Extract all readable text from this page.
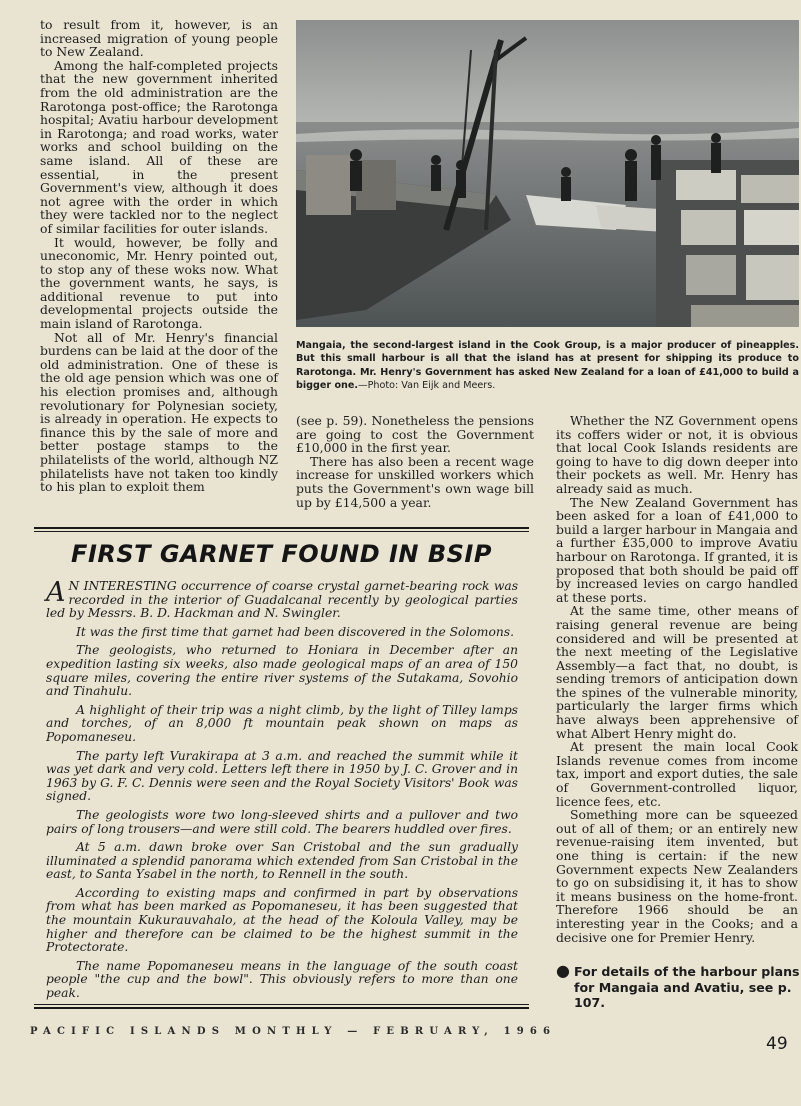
to result from it, however, is an increased migration of young people to New Zealand.

Among the half-completed projects that the new government inherited from the old administration are the Rarotonga post-office; the Rarotonga hospital; Avatiu harbour development in Rarotonga; and road works, water works and school building on the same island. All of these are essential, in the present Government's view, although it does not agree with the order in which they were tackled nor to the neglect of similar facilities for outer islands.

It would, however, be folly and uneconomic, Mr. Henry pointed out, to stop any of these woks now. What the government wants, he says, is additional revenue to put into developmental projects outside the main island of Rarotonga.

Not all of Mr. Henry's financial burdens can be laid at the door of the old administration. One of these is the old age pension which was one of his election promises and, although revolutionary for Polynesian society, is already in operation. He expects to finance this by the sale of more and better postage stamps to the philatelists of the world, although NZ philatelists have not taken too kindly to his plan to exploit them

Mangaia, the second-largest island in the Cook Group, is a major producer of pineapples. But this small harbour is all that the island has at present for shipping its produce to Rarotonga. Mr. Henry's Government has asked New Zealand for a loan of £41,000 to build a bigger one.—Photo: Van Eijk and Meers.

(see p. 59). Nonetheless the pensions are going to cost the Government £10,000 in the first year.

There has also been a recent wage increase for unskilled workers which puts the Government's own wage bill up by £14,500 a year.

Whether the NZ Government opens its coffers wider or not, it is obvious that local Cook Islands residents are going to have to dig down deeper into their pockets as well. Mr. Henry has already said as much.

The New Zealand Government has been asked for a loan of £41,000 to build a larger harbour in Mangaia and a further £35,000 to improve Avatiu harbour on Rarotonga. If granted, it is proposed that both should be paid off by increased levies on cargo handled at these ports.

At the same time, other means of raising general revenue are being considered and will be presented at the next meeting of the Legislative Assembly—a fact that, no doubt, is sending tremors of anticipation down the spines of the vulnerable minority, particularly the larger firms which have always been apprehensive of what Albert Henry might do.

At present the main local Cook Islands revenue comes from income tax, import and export duties, the sale of Government-controlled liquor, licence fees, etc.

Something more can be squeezed out of all of them; or an entirely new revenue-raising item invented, but one thing is certain: if the new Government expects New Zealanders to go on subsidising it, it has to show it means business on the home-front. Therefore 1966 should be an interesting year in the Cooks; and a decisive one for Premier Henry.

● For details of the harbour plans for Mangaia and Avatiu, see p. 107.
FIRST GARNET FOUND IN BSIP

A N INTERESTING occurrence of coarse crystal garnet-bearing rock was recorded in the interior of Guadalcanal recently by geological parties led by Messrs. B. D. Hackman and N. Swingler.

It was the first time that garnet had been discovered in the Solomons.

The geologists, who returned to Honiara in December after an expedition lasting six weeks, also made geological maps of an area of 150 square miles, covering the entire river systems of the Sutakama, Sovohio and Tinahulu.

A highlight of their trip was a night climb, by the light of Tilley lamps and torches, of an 8,000 ft mountain peak shown on maps as Popomaneseu.

The party left Vurakirapa at 3 a.m. and reached the summit while it was yet dark and very cold. Letters left there in 1950 by J. C. Grover and in 1963 by G. F. C. Dennis were seen and the Royal Society Visitors' Book was signed.

The geologists wore two long-sleeved shirts and a pullover and two pairs of long trousers—and were still cold. The bearers huddled over fires.

At 5 a.m. dawn broke over San Cristobal and the sun gradually illuminated a splendid panorama which extended from San Cristobal in the east, to Santa Ysabel in the north, to Rennell in the south.

According to existing maps and confirmed in part by observations from what has been marked as Popomaneseu, it has been suggested that the mountain Kukurauvahalo, at the head of the Koloula Valley, may be higher and therefore can be claimed to be the highest summit in the Protectorate.

The name Popomaneseu means in the language of the south coast people "the cup and the bowl". This obviously refers to more than one peak.

PACIFIC ISLANDS MONTHLY — FEBRUARY, 1966
49
